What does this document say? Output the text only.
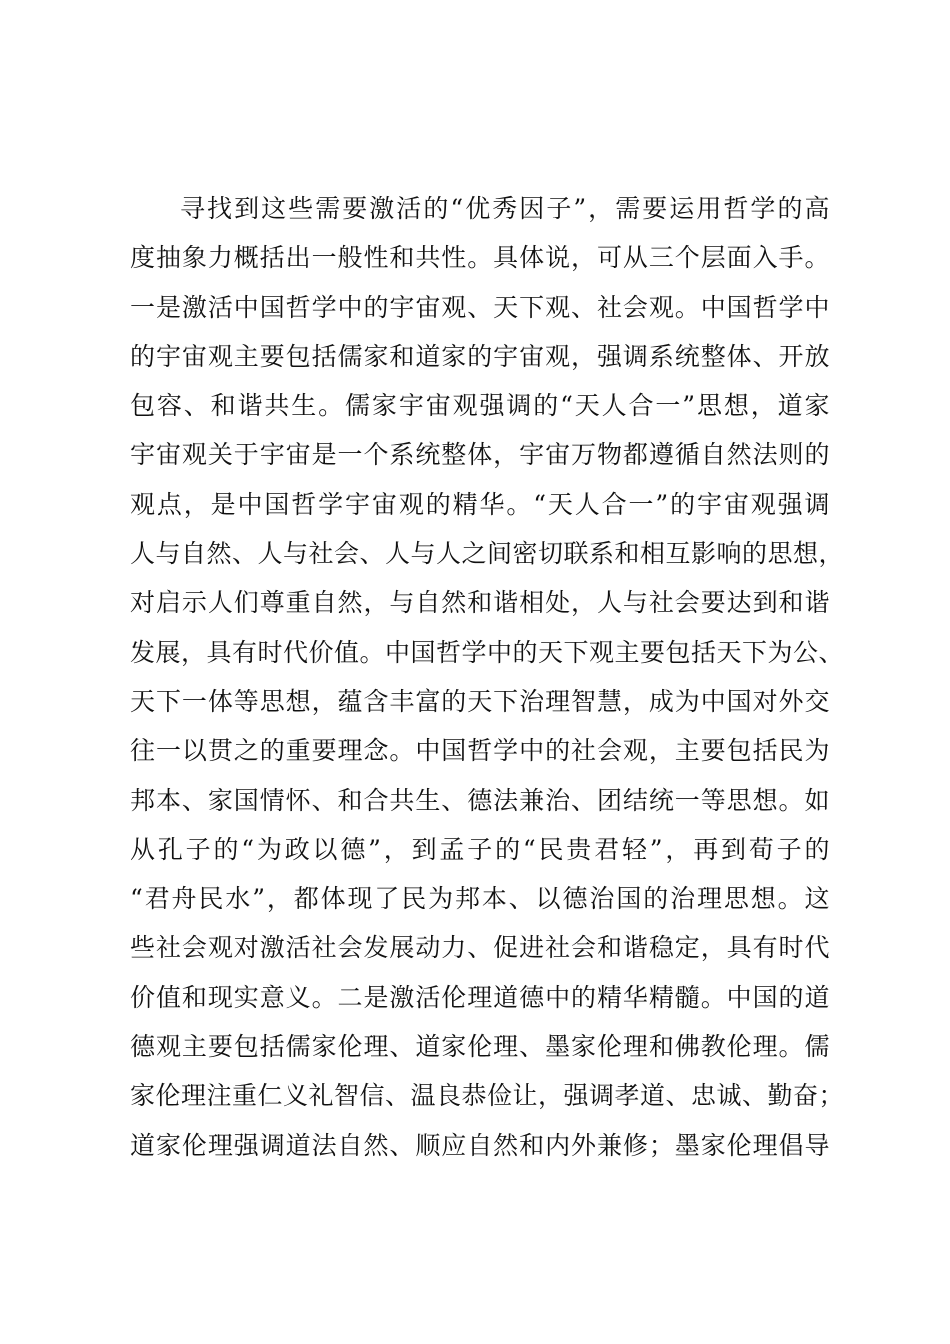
寻找到这些需要激活的“优秀因子”，需要运用哲学的高
度抽象力概括出一般性和共性。具体说，可从三个层面入手。
一是激活中国哲学中的宇宙观、天下观、社会观。中国哲学中
的宇宙观主要包括儒家和道家的宇宙观，强调系统整体、开放
包容、和谐共生。儒家宇宙观强调的“天人合一”思想，道家
宇宙观关于宇宙是一个系统整体，宇宙万物都遵循自然法则的
观点，是中国哲学宇宙观的精华。“天人合一”的宇宙观强调
人与自然、人与社会、人与人之间密切联系和相互影响的思想，
对启示人们尊重自然，与自然和谐相处，人与社会要达到和谐
发展，具有时代价值。中国哲学中的天下观主要包括天下为公、
天下一体等思想，蕴含丰富的天下治理智慧，成为中国对外交
往一以贯之的重要理念。中国哲学中的社会观，主要包括民为
邦本、家国情怀、和合共生、德法兼治、团结统一等思想。如
从孔子的“为政以德”，到孟子的“民贵君轻”，再到荀子的
“君舟民水”，都体现了民为邦本、以德治国的治理思想。这
些社会观对激活社会发展动力、促进社会和谐稳定，具有时代
价值和现实意义。二是激活伦理道德中的精华精髓。中国的道
德观主要包括儒家伦理、道家伦理、墨家伦理和佛教伦理。儒
家伦理注重仁义礼智信、温良恭俭让，强调孝道、忠诚、勤奋；
道家伦理强调道法自然、顺应自然和内外兼修；墨家伦理倡导
